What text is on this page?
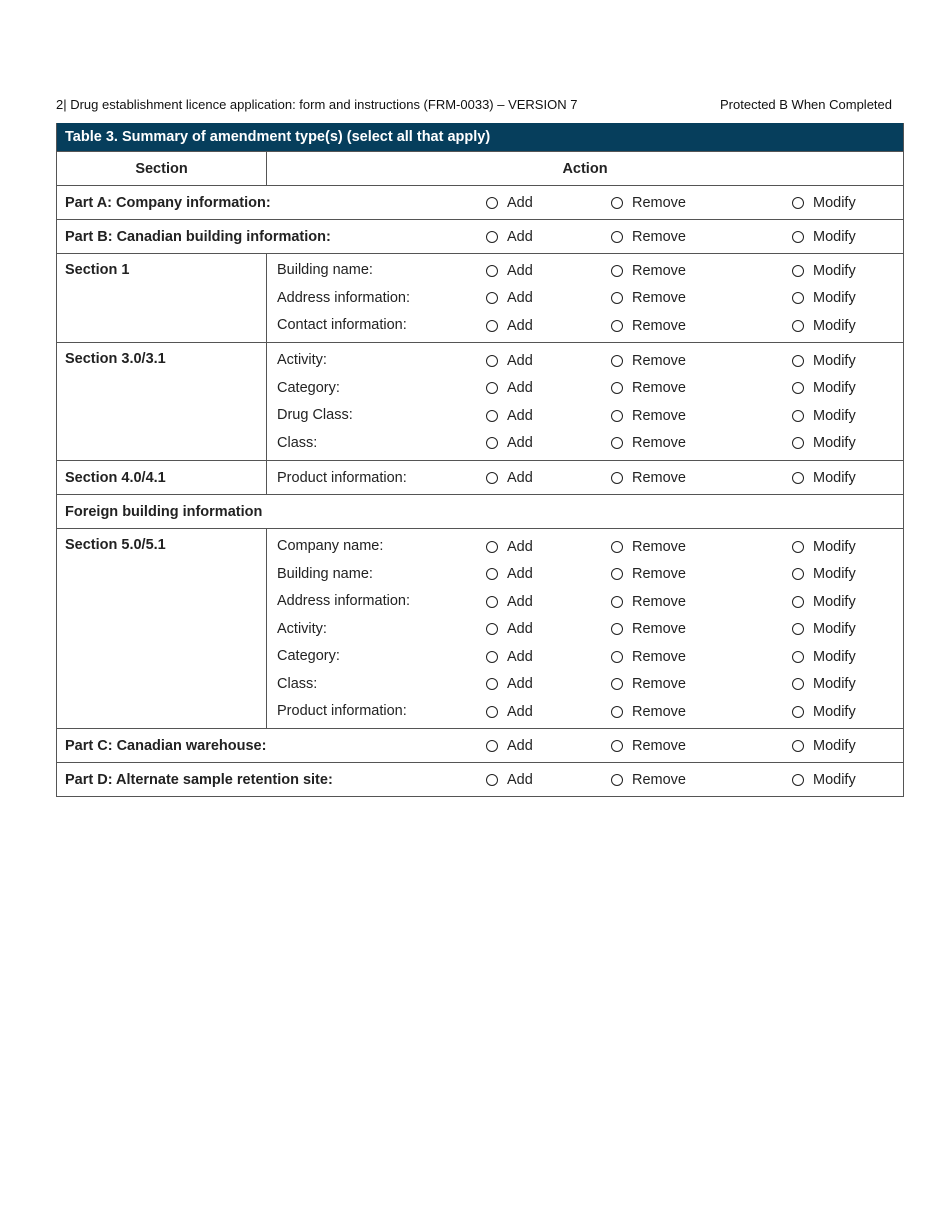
2| Drug establishment licence application: form and instructions (FRM-0033) – VERSION 7	Protected B When Completed
Table 3. Summary of amendment type(s) (select all that apply)
Section	Action
Part A: Company information:	Add	Remove	Modify
Part B: Canadian building information:	Add	Remove	Modify
Section 1	Building name:	Add	Remove	Modify
Address information:	Add	Remove	Modify
Contact information:	Add	Remove	Modify
Section 3.0/3.1	Activity:	Add	Remove	Modify
Category:	Add	Remove	Modify
Drug Class:	Add	Remove	Modify
Class:	Add	Remove	Modify
Section 4.0/4.1	Product information:	Add	Remove	Modify
Foreign building information
Section 5.0/5.1	Company name:	Add	Remove	Modify
Building name:	Add	Remove	Modify
Address information:	Add	Remove	Modify
Activity:	Add	Remove	Modify
Category:	Add	Remove	Modify
Class:	Add	Remove	Modify
Product information:	Add	Remove	Modify
Part C: Canadian warehouse:	Add	Remove	Modify
Part D: Alternate sample retention site:	Add	Remove	Modify
